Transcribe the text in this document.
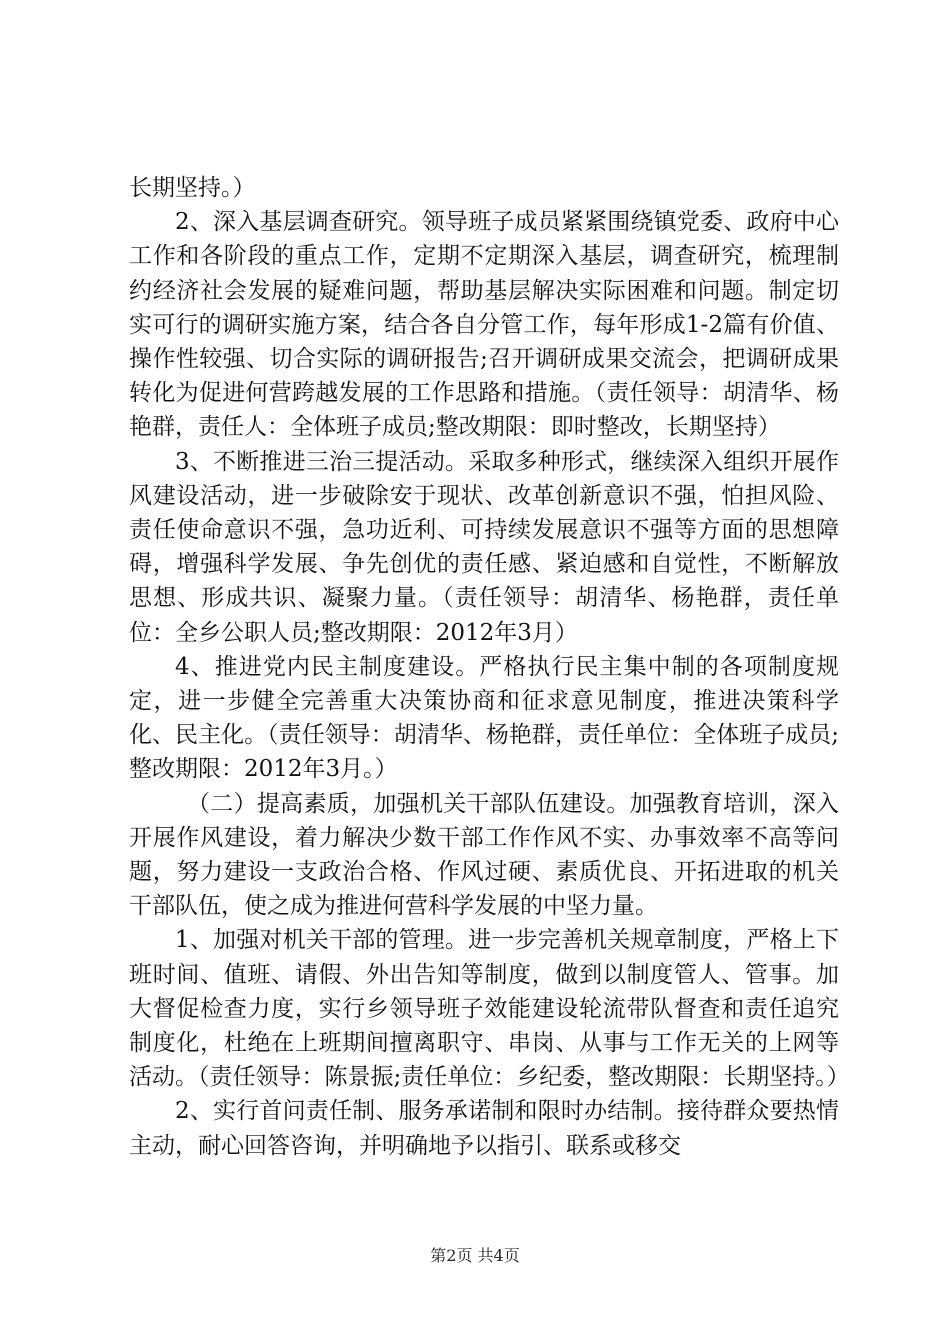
长期坚持。）

2、深入基层调查研究。领导班子成员紧紧围绕镇党委、政府中心工作和各阶段的重点工作，定期不定期深入基层，调查研究，梳理制约经济社会发展的疑难问题，帮助基层解决实际困难和问题。制定切实可行的调研实施方案，结合各自分管工作，每年形成1-2篇有价值、操作性较强、切合实际的调研报告;召开调研成果交流会，把调研成果转化为促进何营跨越发展的工作思路和措施。（责任领导：胡清华、杨艳群，责任人：全体班子成员;整改期限：即时整改，长期坚持）

3、不断推进三治三提活动。采取多种形式，继续深入组织开展作风建设活动，进一步破除安于现状、改革创新意识不强，怕担风险、责任使命意识不强，急功近利、可持续发展意识不强等方面的思想障碍，增强科学发展、争先创优的责任感、紧迫感和自觉性，不断解放思想、形成共识、凝聚力量。（责任领导：胡清华、杨艳群，责任单位：全乡公职人员;整改期限：2012年3月）

4、推进党内民主制度建设。严格执行民主集中制的各项制度规定，进一步健全完善重大决策协商和征求意见制度，推进决策科学化、民主化。（责任领导：胡清华、杨艳群，责任单位：全体班子成员;整改期限：2012年3月。）

（二）提高素质，加强机关干部队伍建设。加强教育培训，深入开展作风建设，着力解决少数干部工作作风不实、办事效率不高等问题，努力建设一支政治合格、作风过硬、素质优良、开拓进取的机关干部队伍，使之成为推进何营科学发展的中坚力量。

1、加强对机关干部的管理。进一步完善机关规章制度，严格上下班时间、值班、请假、外出告知等制度，做到以制度管人、管事。加大督促检查力度，实行乡领导班子效能建设轮流带队督查和责任追究制度化，杜绝在上班期间擅离职守、串岗、从事与工作无关的上网等活动。（责任领导：陈景振;责任单位：乡纪委，整改期限：长期坚持。）

2、实行首问责任制、服务承诺制和限时办结制。接待群众要热情主动，耐心回答咨询，并明确地予以指引、联系或移交

第2页 共4页
